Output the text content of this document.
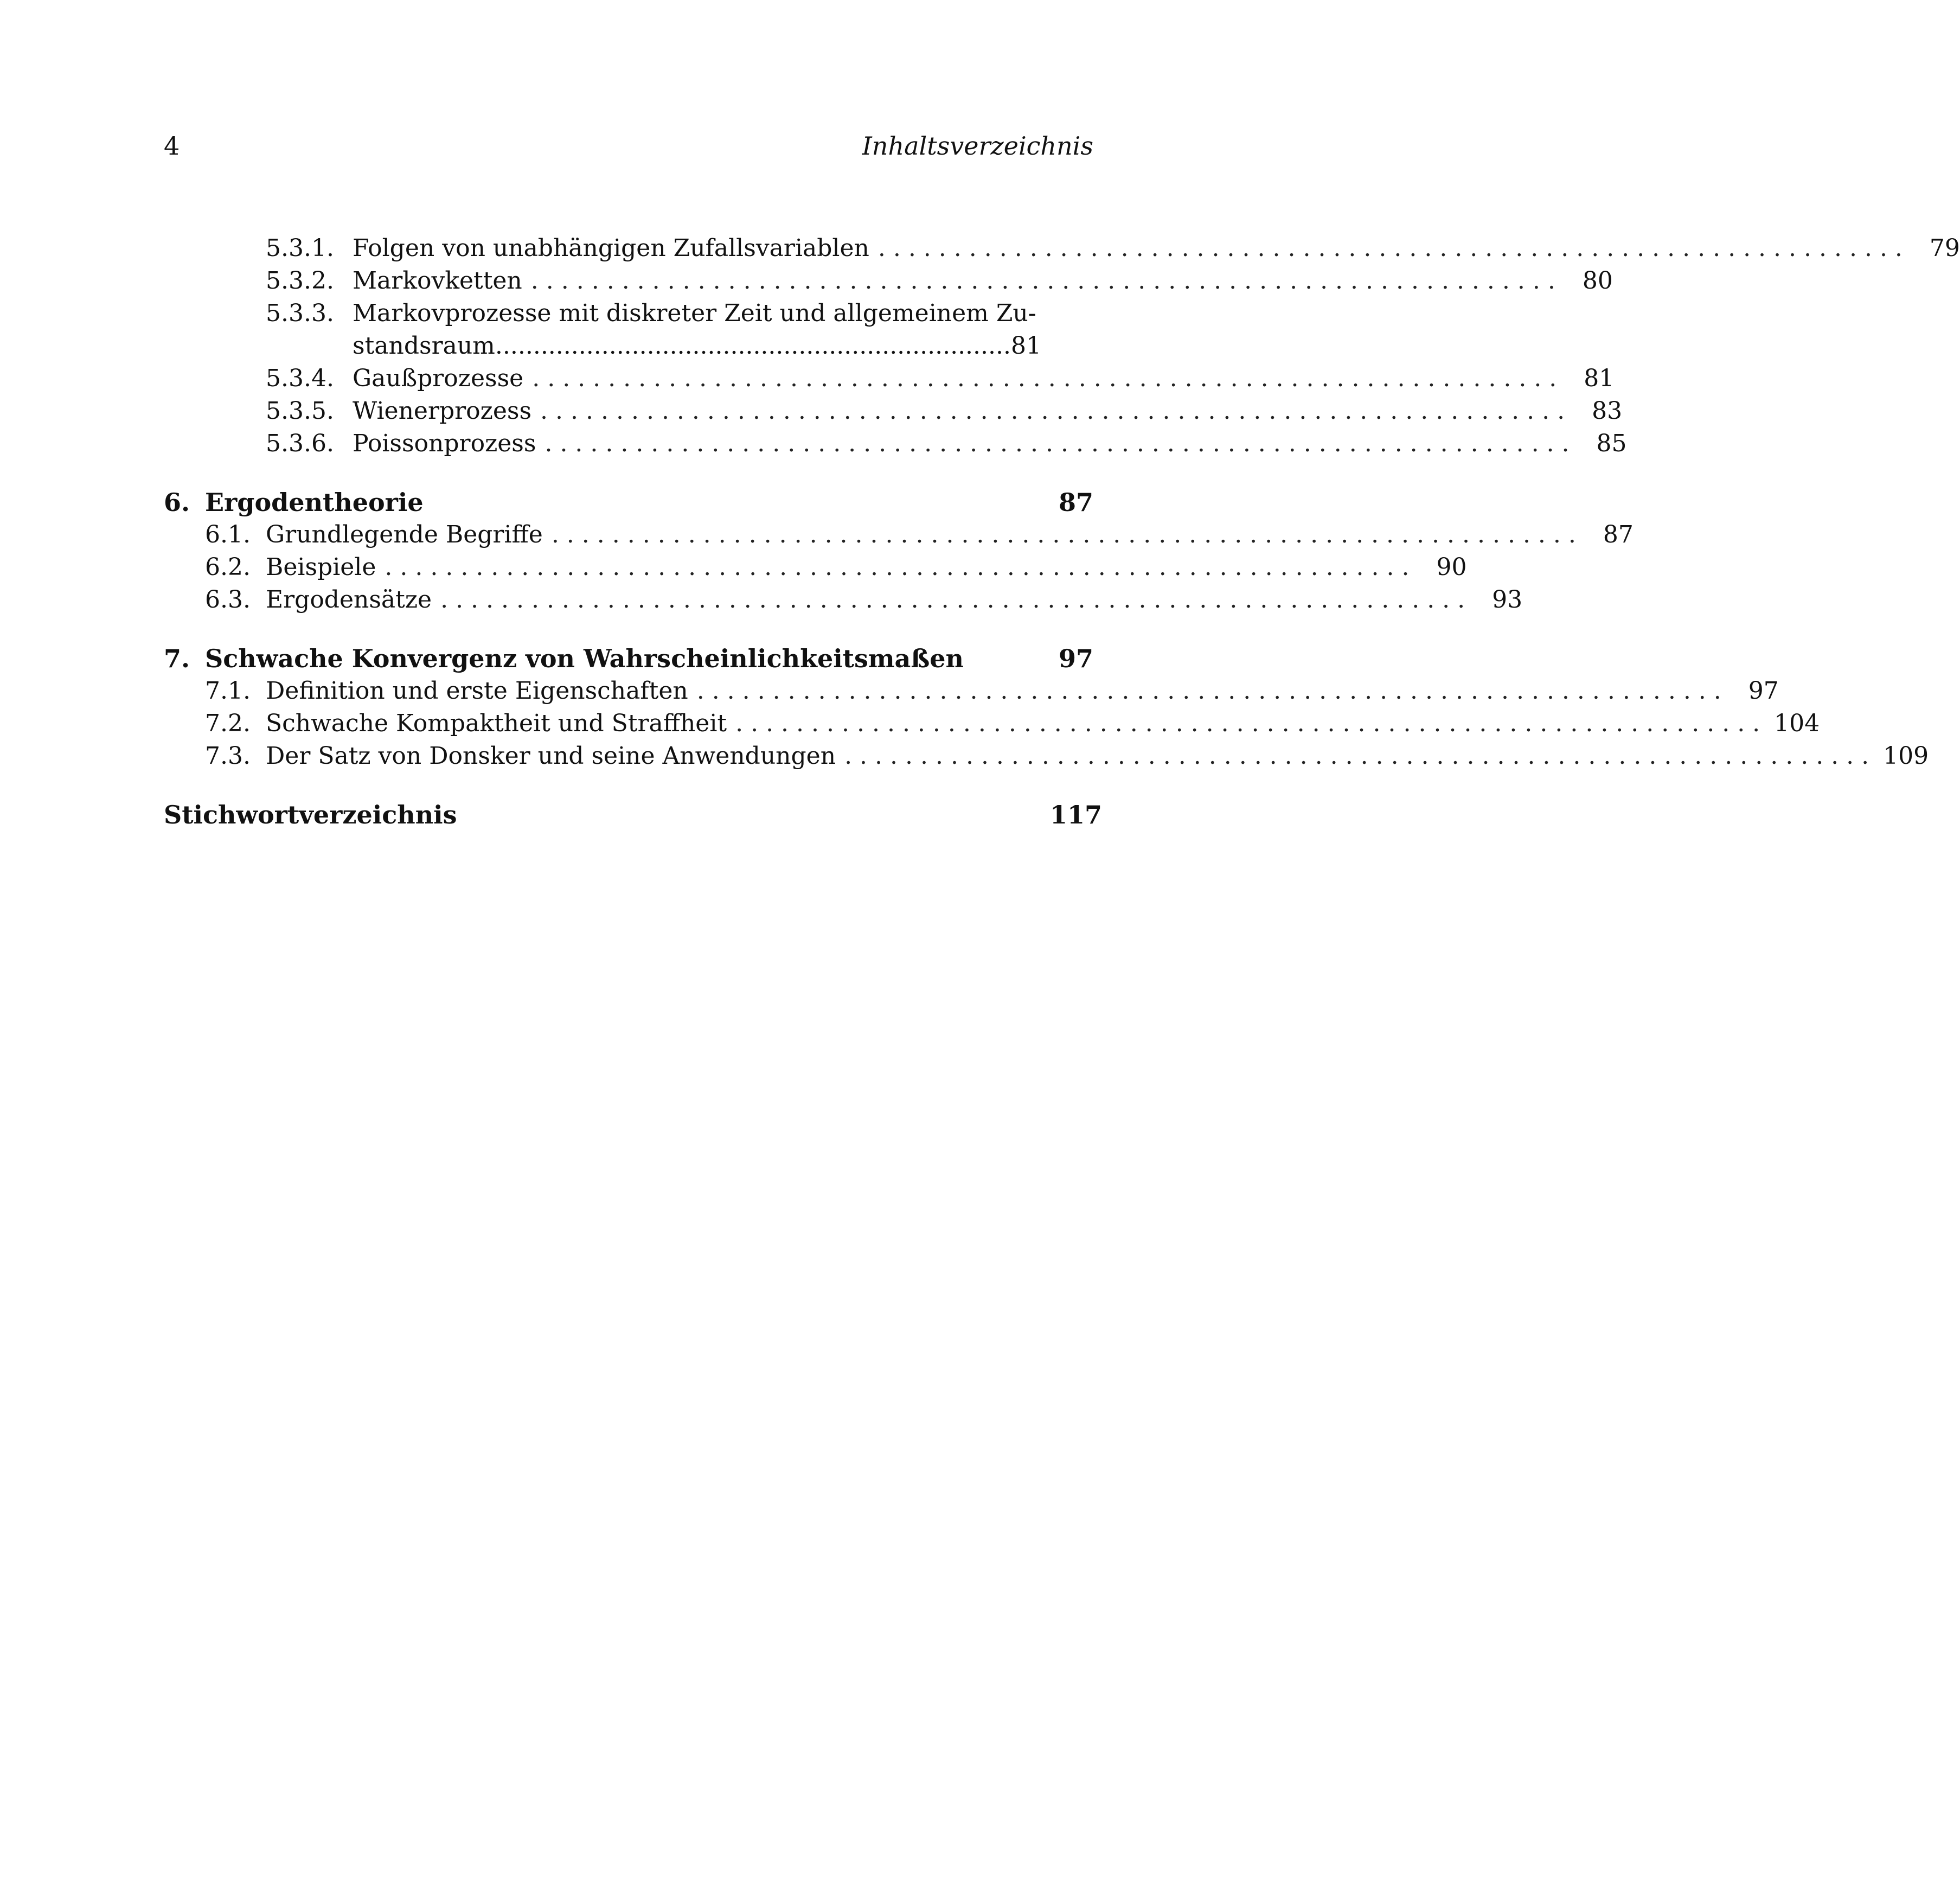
4	Inhaltsverzeichnis
5.3.1. Folgen von unabhängigen Zufallsvariablen .................................................................... 79
5.3.2. Markovketten .................................................................... 80
5.3.3. Markovprozesse mit diskreter Zeit und allgemeinem Zu-
standsraum .................................................................... 81
5.3.4. Gaußprozesse .................................................................... 81
5.3.5. Wienerprozess .................................................................... 83
5.3.6. Poissonprozess .................................................................... 85
6. Ergodentheorie	87
6.1. Grundlegende Begriffe .................................................................... 87
6.2. Beispiele .................................................................... 90
6.3. Ergodensätze .................................................................... 93
7. Schwache Konvergenz von Wahrscheinlichkeitsmaßen	97
7.1. Definition und erste Eigenschaften .................................................................... 97
7.2. Schwache Kompaktheit und Straffheit .................................................................... 104
7.3. Der Satz von Donsker und seine Anwendungen .................................................................... 109
Stichwortverzeichnis	117
